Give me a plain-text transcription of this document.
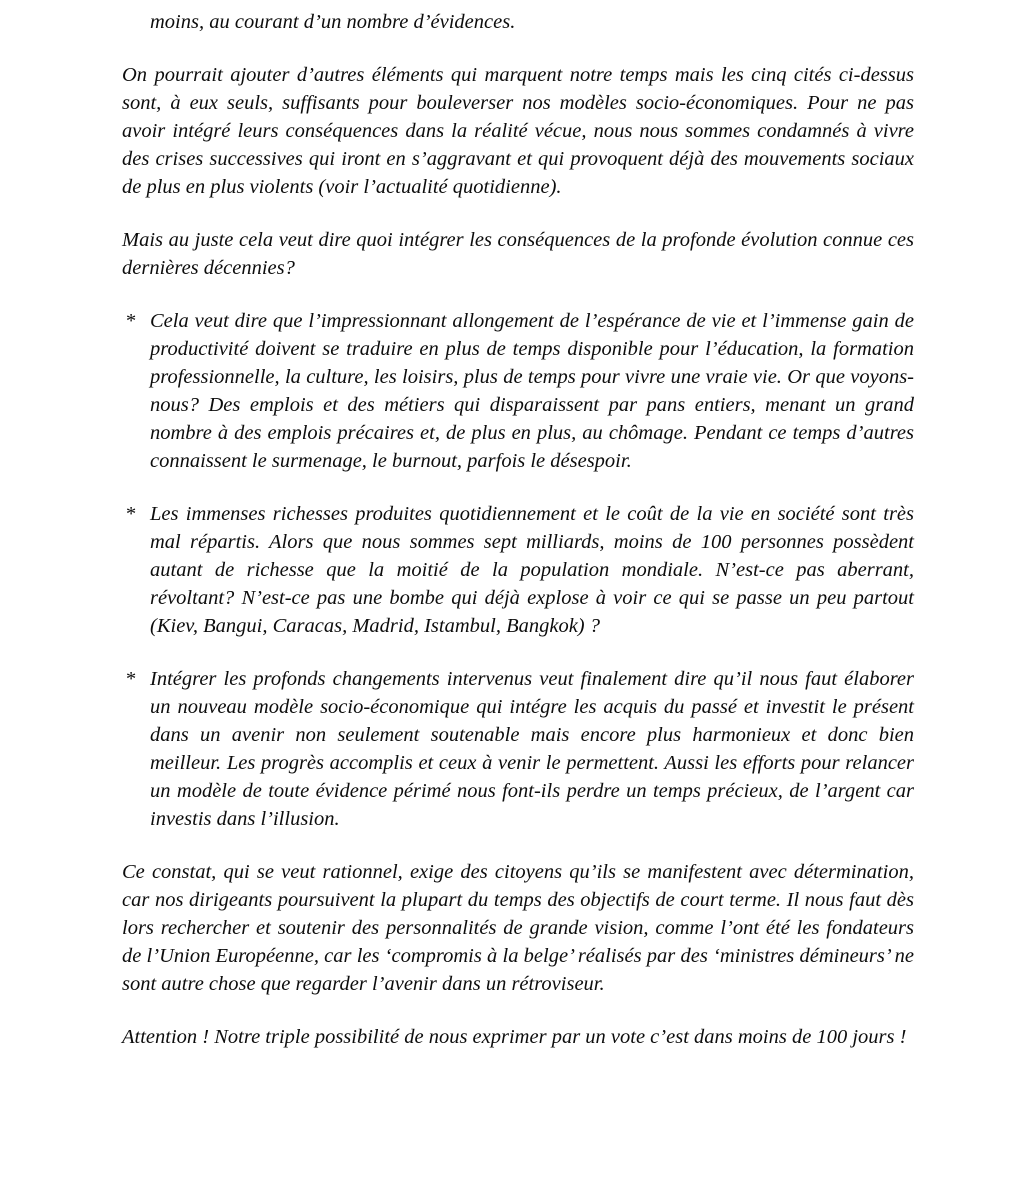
moins, au courant d’un nombre d’évidences.

On pourrait ajouter d’autres éléments qui marquent notre temps mais les cinq cités ci-dessus sont, à eux seuls, suffisants pour bouleverser nos modèles socio-économiques. Pour ne pas avoir intégré leurs conséquences dans la réalité vécue, nous nous sommes condamnés à vivre des crises successives qui iront en s’aggravant et qui provoquent déjà des mouvements sociaux de plus en plus violents (voir l’actualité quotidienne).

Mais au juste cela veut dire quoi intégrer les conséquences de la profonde évolution connue ces dernières décennies?

* Cela veut dire que l’impressionnant allongement de l’espérance de vie et l’immense gain de productivité doivent se traduire en plus de temps disponible pour l’éducation, la formation professionnelle, la culture, les loisirs, plus de temps pour vivre une vraie vie. Or que voyons-nous? Des emplois et des métiers qui disparaissent par pans entiers, menant un grand nombre à des emplois précaires et, de plus en plus, au chômage. Pendant ce temps d’autres connaissent le surmenage, le burnout, parfois le désespoir.
* Les immenses richesses produites quotidiennement et le coût de la vie en société sont très mal répartis. Alors que nous sommes sept milliards, moins de 100 personnes possèdent autant de richesse que la moitié de la population mondiale. N’est-ce pas aberrant, révoltant? N’est-ce pas une bombe qui déjà explose à voir ce qui se passe un peu partout (Kiev, Bangui, Caracas, Madrid, Istambul, Bangkok) ?
* Intégrer les profonds changements intervenus veut finalement dire qu’il nous faut élaborer un nouveau modèle socio-économique qui intégre les acquis du passé et investit le présent dans un avenir non seulement soutenable mais encore plus harmonieux et donc bien meilleur. Les progrès accomplis et ceux à venir le permettent. Aussi les efforts pour relancer un modèle de toute évidence périmé nous font-ils perdre un temps précieux, de l’argent car investis dans l’illusion.

Ce constat, qui se veut rationnel, exige des citoyens qu’ils se manifestent avec détermination, car nos dirigeants poursuivent la plupart du temps des objectifs de court terme. Il nous faut dès lors rechercher et soutenir des personnalités de grande vision, comme l’ont été les fondateurs de l’Union Européenne, car les ‘compromis à la belge’ réalisés par des ‘ministres démineurs’ ne sont autre chose que regarder l’avenir dans un rétroviseur.

Attention ! Notre triple possibilité de nous exprimer par un vote c’est dans moins de 100 jours !
